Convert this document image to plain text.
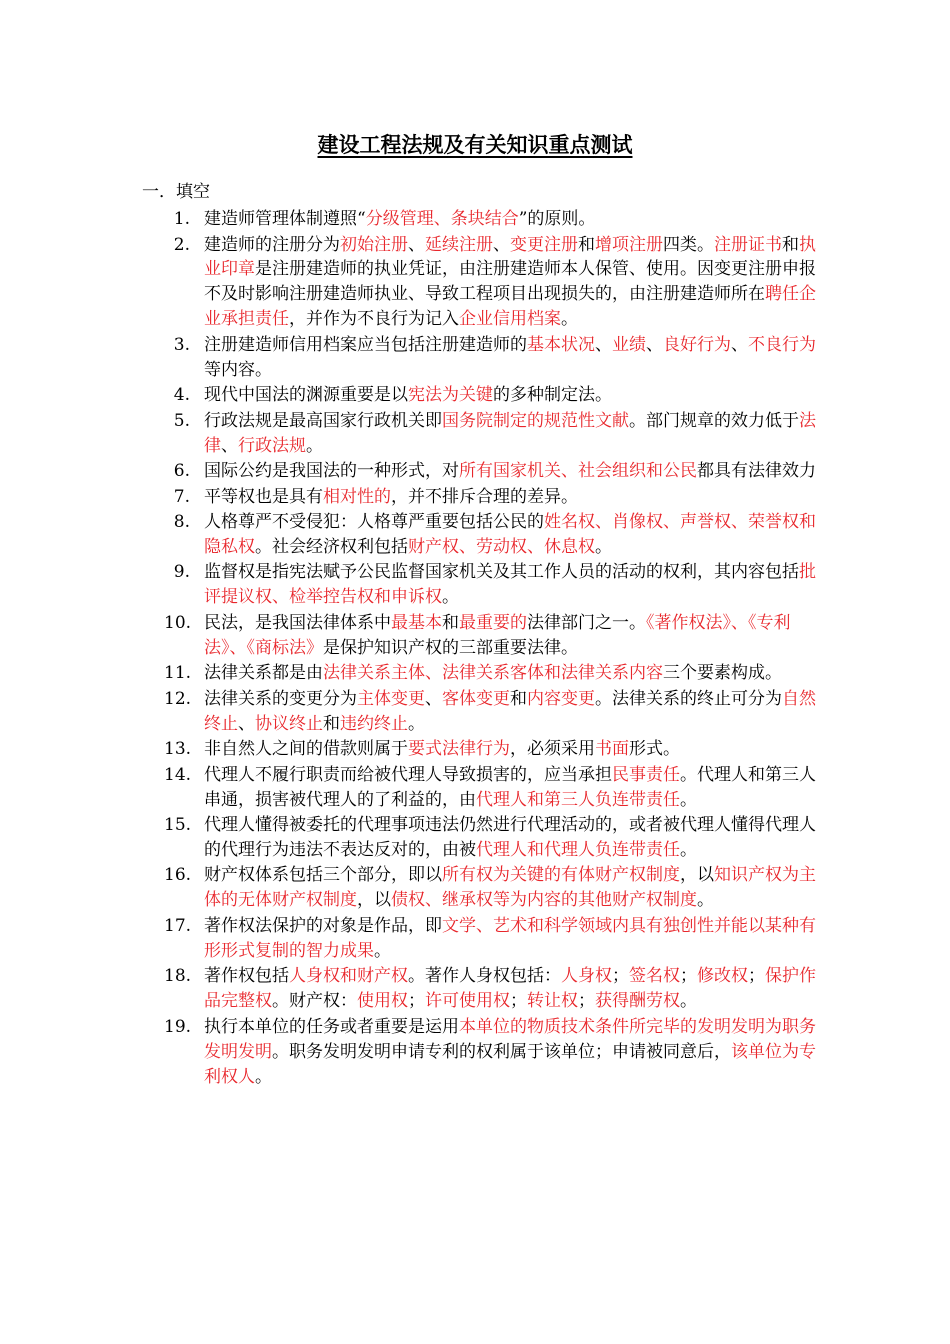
建设工程法规及有关知识重点测试
一．填空
1. 建造师管理体制遵照“分级管理、条块结合”的原则。
2. 建造师的注册分为初始注册、延续注册、变更注册和增项注册四类。注册证书和执业印章是注册建造师的执业凭证，由注册建造师本人保管、使用。因变更注册申报不及时影响注册建造师执业、导致工程项目出现损失的，由注册建造师所在聘任企业承担责任，并作为不良行为记入企业信用档案。
3. 注册建造师信用档案应当包括注册建造师的基本状况、业绩、良好行为、不良行为等内容。
4. 现代中国法的渊源重要是以宪法为关键的多种制定法。
5. 行政法规是最高国家行政机关即国务院制定的规范性文献。部门规章的效力低于法律、行政法规。
6. 国际公约是我国法的一种形式，对所有国家机关、社会组织和公民都具有法律效力
7. 平等权也是具有相对性的，并不排斥合理的差异。
8. 人格尊严不受侵犯：人格尊严重要包括公民的姓名权、肖像权、声誉权、荣誉权和隐私权。社会经济权利包括财产权、劳动权、休息权。
9. 监督权是指宪法赋予公民监督国家机关及其工作人员的活动的权利，其内容包括批评提议权、检举控告权和申诉权。
10. 民法，是我国法律体系中最基本和最重要的法律部门之一。《著作权法》、《专利法》、《商标法》是保护知识产权的三部重要法律。
11. 法律关系都是由法律关系主体、法律关系客体和法律关系内容三个要素构成。
12. 法律关系的变更分为主体变更、客体变更和内容变更。法律关系的终止可分为自然终止、协议终止和违约终止。
13. 非自然人之间的借款则属于要式法律行为，必须采用书面形式。
14. 代理人不履行职责而给被代理人导致损害的，应当承担民事责任。代理人和第三人串通，损害被代理人的了利益的，由代理人和第三人负连带责任。
15. 代理人懂得被委托的代理事项违法仍然进行代理活动的，或者被代理人懂得代理人的代理行为违法不表达反对的，由被代理人和代理人负连带责任。
16. 财产权体系包括三个部分，即以所有权为关键的有体财产权制度，以知识产权为主体的无体财产权制度，以债权、继承权等为内容的其他财产权制度。
17. 著作权法保护的对象是作品，即文学、艺术和科学领域内具有独创性并能以某种有形形式复制的智力成果。
18. 著作权包括人身权和财产权。著作人身权包括：人身权；签名权；修改权；保护作品完整权。财产权：使用权；许可使用权；转让权；获得酬劳权。
19. 执行本单位的任务或者重要是运用本单位的物质技术条件所完毕的发明发明为职务发明发明。职务发明发明申请专利的权利属于该单位；申请被同意后，该单位为专利权人。
